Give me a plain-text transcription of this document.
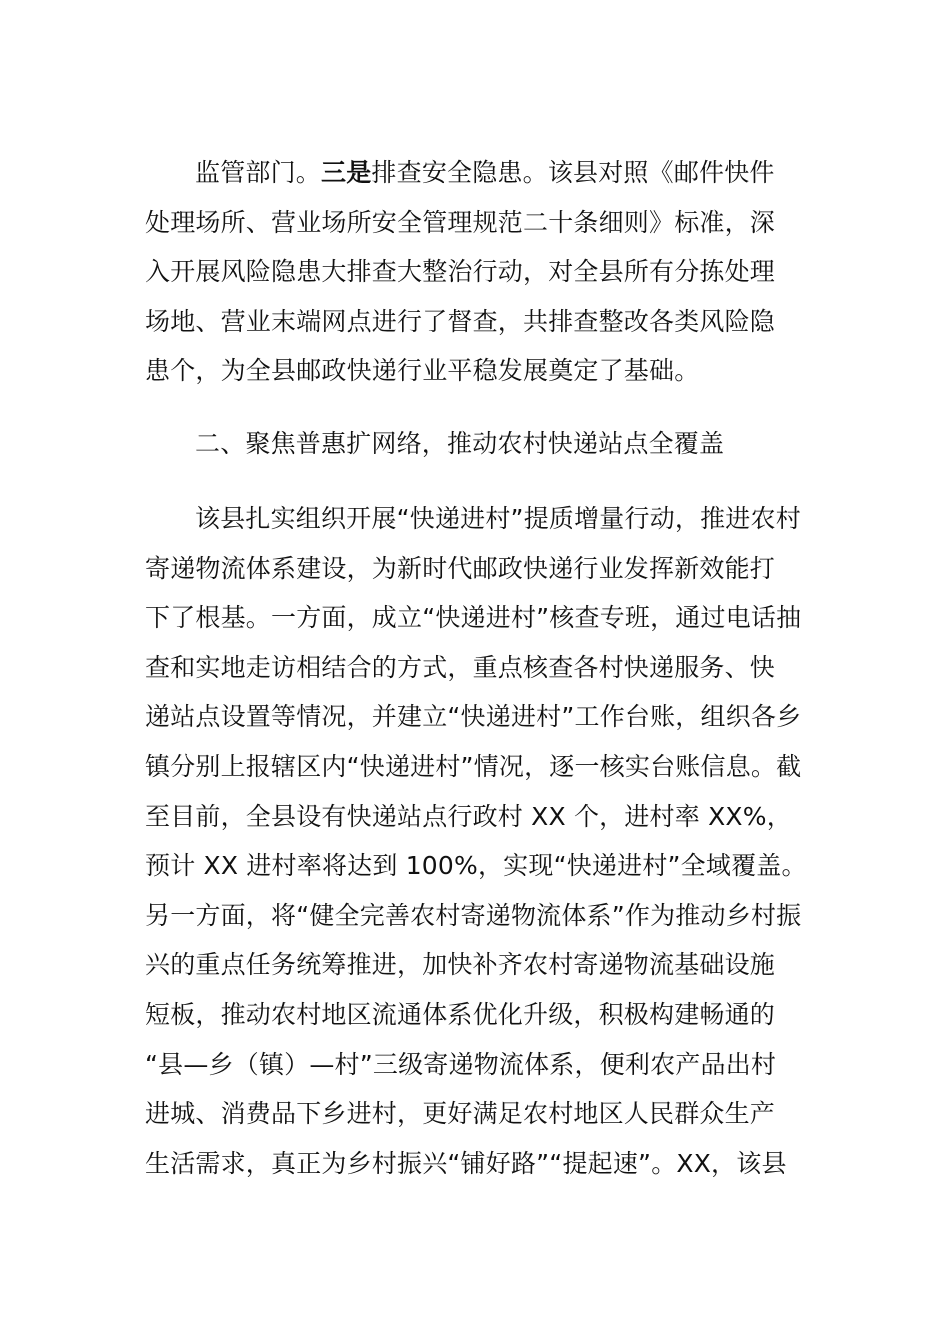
监管部门。三是排查安全隐患。该县对照《邮件快件
处理场所、营业场所安全管理规范二十条细则》标准，深
入开展风险隐患大排查大整治行动，对全县所有分拣处理
场地、营业末端网点进行了督查，共排查整改各类风险隐
患个，为全县邮政快递行业平稳发展奠定了基础。
二、聚焦普惠扩网络，推动农村快递站点全覆盖
该县扎实组织开展“快递进村”提质增量行动，推进农村
寄递物流体系建设，为新时代邮政快递行业发挥新效能打
下了根基。一方面，成立“快递进村”核查专班，通过电话抽
查和实地走访相结合的方式，重点核查各村快递服务、快
递站点设置等情况，并建立“快递进村”工作台账，组织各乡
镇分别上报辖区内“快递进村”情况，逐一核实台账信息。截
至目前，全县设有快递站点行政村 XX 个，进村率 XX%，
预计 XX 进村率将达到 100%，实现“快递进村”全域覆盖。
另一方面，将“健全完善农村寄递物流体系”作为推动乡村振
兴的重点任务统筹推进，加快补齐农村寄递物流基础设施
短板，推动农村地区流通体系优化升级，积极构建畅通的
“县—乡（镇）—村”三级寄递物流体系，便利农产品出村
进城、消费品下乡进村，更好满足农村地区人民群众生产
生活需求，真正为乡村振兴“铺好路”“提起速”。XX，该县
